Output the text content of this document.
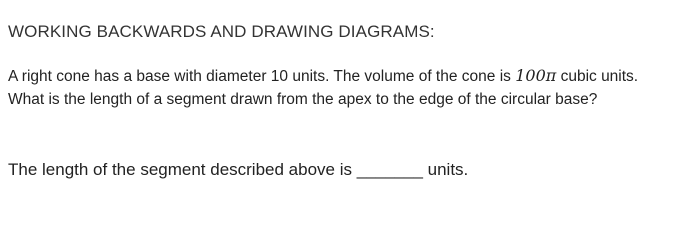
WORKING BACKWARDS AND DRAWING DIAGRAMS:
A right cone has a base with diameter 10 units. The volume of the cone is 100π cubic units. What is the length of a segment drawn from the apex to the edge of the circular base?
The length of the segment described above is _______ units.
